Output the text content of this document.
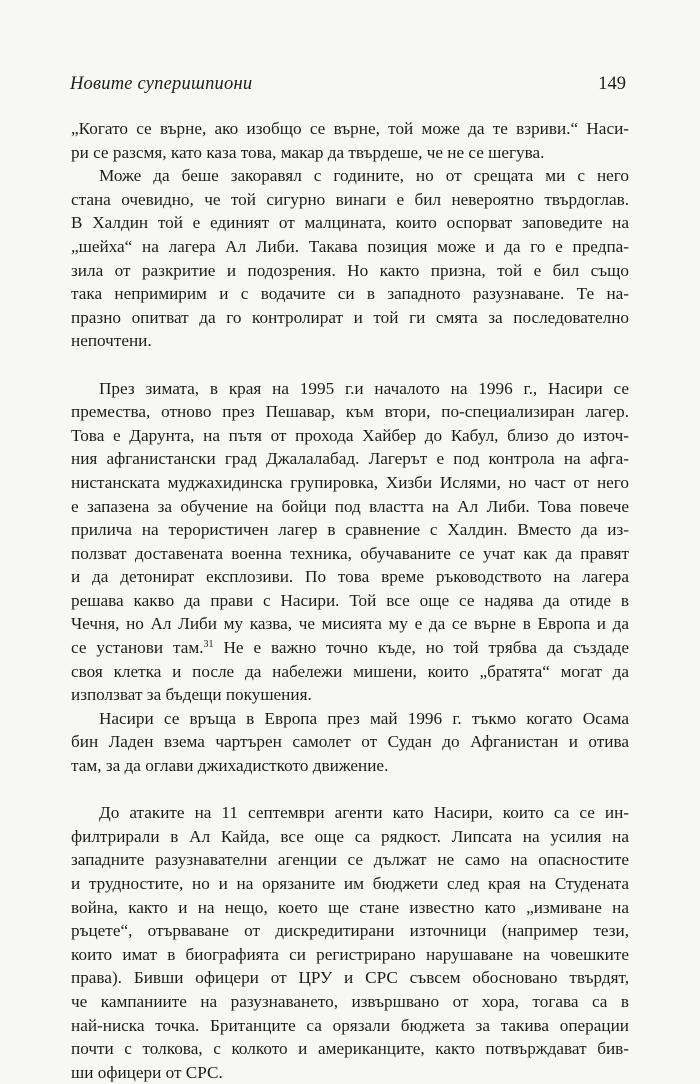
Новите суперишпиони	149
„Когато се върне, ако изобщо се върне, той може да те взриви.“ Наси-
ри се разсмя, като каза това, макар да твърдеше, че не се шегува.
Може да беше закоравял с годините, но от срещата ми с него
стана очевидно, че той сигурно винаги е бил невероятно твърдоглав.
В Халдин той е единият от малцината, които оспорват заповедите на
„шейха“ на лагера Ал Либи. Такава позиция може и да го е предпа-
зила от разкритие и подозрения. Но както призна, той е бил също
така непримирим и с водачите си в западното разузнаване. Те на-
празно опитват да го контролират и той ги смята за последователно
непочтени.
През зимата, в края на 1995 г.и началото на 1996 г., Насири се
премества, отново през Пешавар, към втори, по-специализиран лагер.
Това е Дарунта, на пътя от прохода Хайбер до Кабул, близо до източ-
ния афганистански град Джалалабад. Лагерът е под контрола на афга-
нистанската муджахидинска групировка, Хизби Ислями, но част от него
е запазена за обучение на бойци под властта на Ал Либи. Това повече
прилича на терористичен лагер в сравнение с Халдин. Вместо да из-
ползват доставената военна техника, обучаваните се учат как да правят
и да детонират експлозиви. По това време ръководството на лагера
решава какво да прави с Насири. Той все още се надява да отиде в
Чечня, но Ал Либи му казва, че мисията му е да се върне в Европа и да
се установи там.$^{31}$ Не е важно точно къде, но той трябва да създаде
своя клетка и после да набележи мишени, които „братята“ могат да
използват за бъдещи покушения.
Насири се връща в Европа през май 1996 г. тъкмо когато Осама
бин Ладен взема чартърен самолет от Судан до Афганистан и отива
там, за да оглави джихадисткото движение.
До атаките на 11 септември агенти като Насири, които са се ин-
филтрирали в Ал Кайда, все още са рядкост. Липсата на усилия на
западните разузнавателни агенции се дължат не само на опасностите
и трудностите, но и на орязаните им бюджети след края на Студената
война, както и на нещо, което ще стане известно като „измиване на
ръцете“, отърваване от дискредитирани източници (например тези,
които имат в биографията си регистрирано нарушаване на човешките
права). Бивши офицери от ЦРУ и СРС съвсем обосновано твърдят,
че кампаниите на разузнаването, извършвано от хора, тогава са в
най-ниска точка. Британците са орязали бюджета за такива операции
почти с толкова, с колкото и американците, както потвърждават бив-
ши офицери от СРС.
